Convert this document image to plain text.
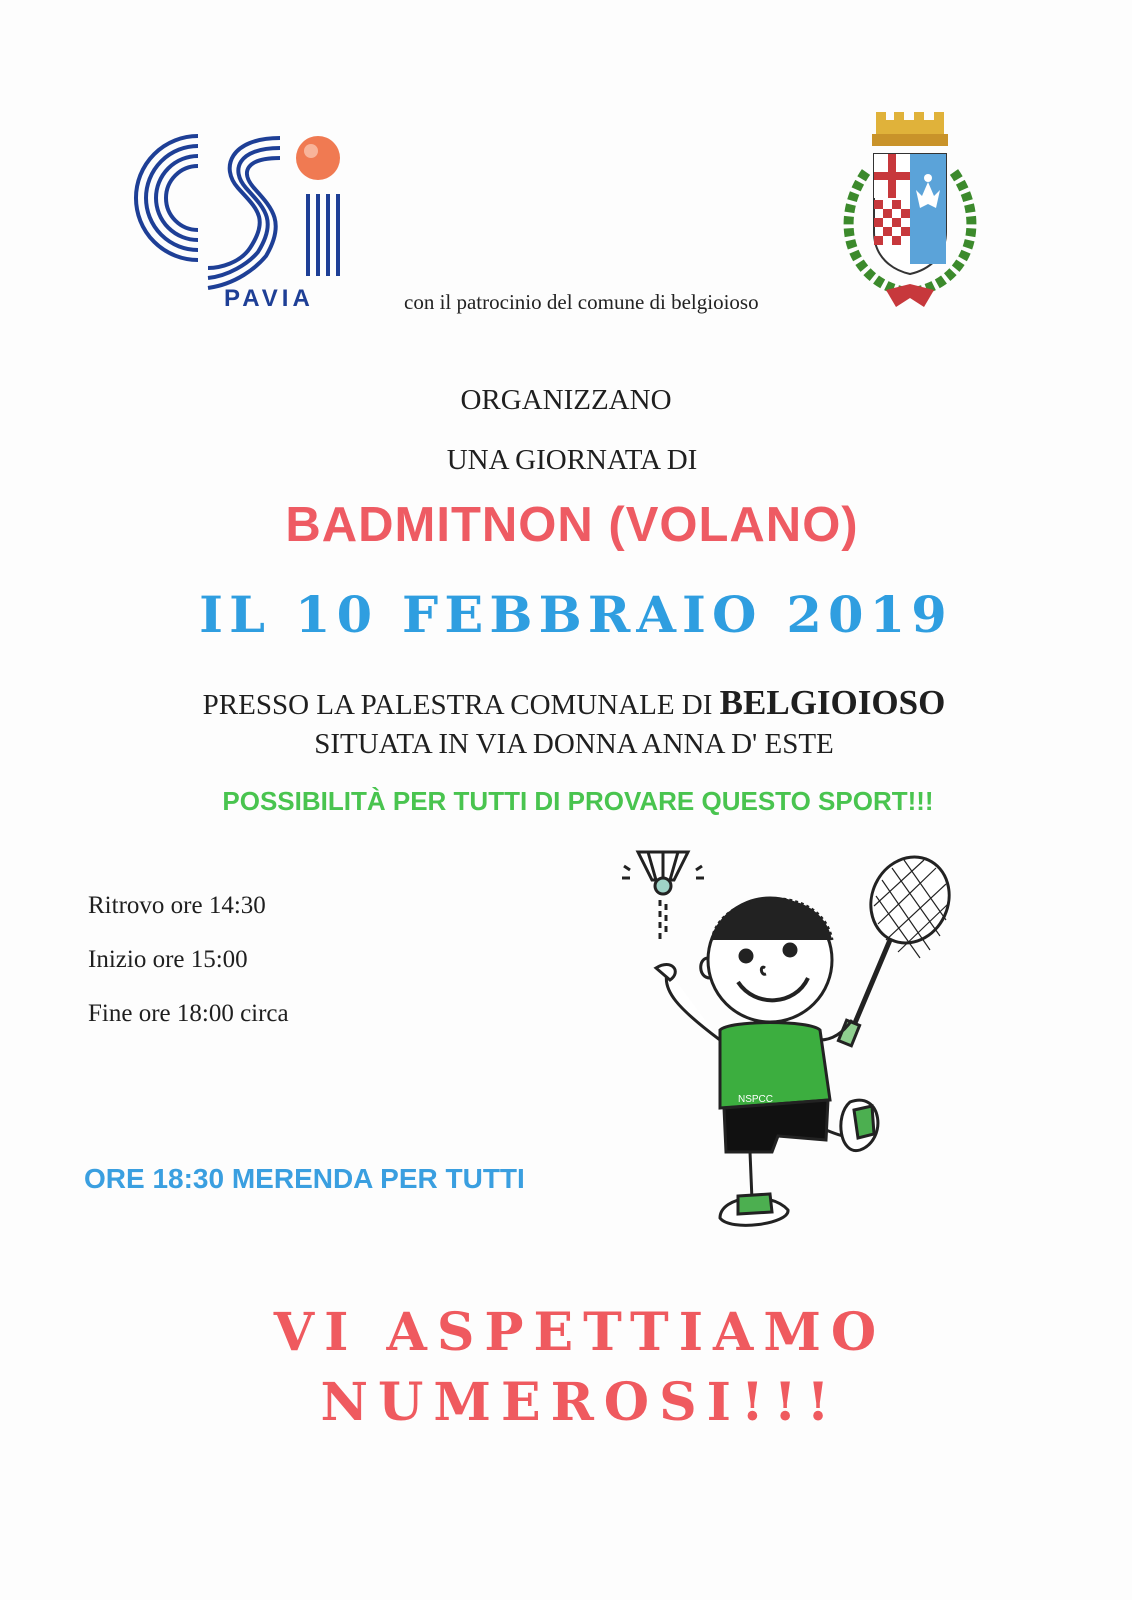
PAVIA	con il patrocinio del comune di belgioioso
ORGANIZZANO
UNA GIORNATA DI
BADMITNON (VOLANO)
IL 10 FEBBRAIO 2019
PRESSO LA PALESTRA COMUNALE DI BELGIOIOSO
SITUATA IN VIA DONNA ANNA D' ESTE
POSSIBILITÀ PER TUTTI DI PROVARE QUESTO SPORT!!!
Ritrovo ore 14:30
Inizio ore 15:00
Fine ore 18:00 circa
ORE 18:30 MERENDA PER TUTTI
NSPCC
VI ASPETTIAMO
NUMEROSI!!!
